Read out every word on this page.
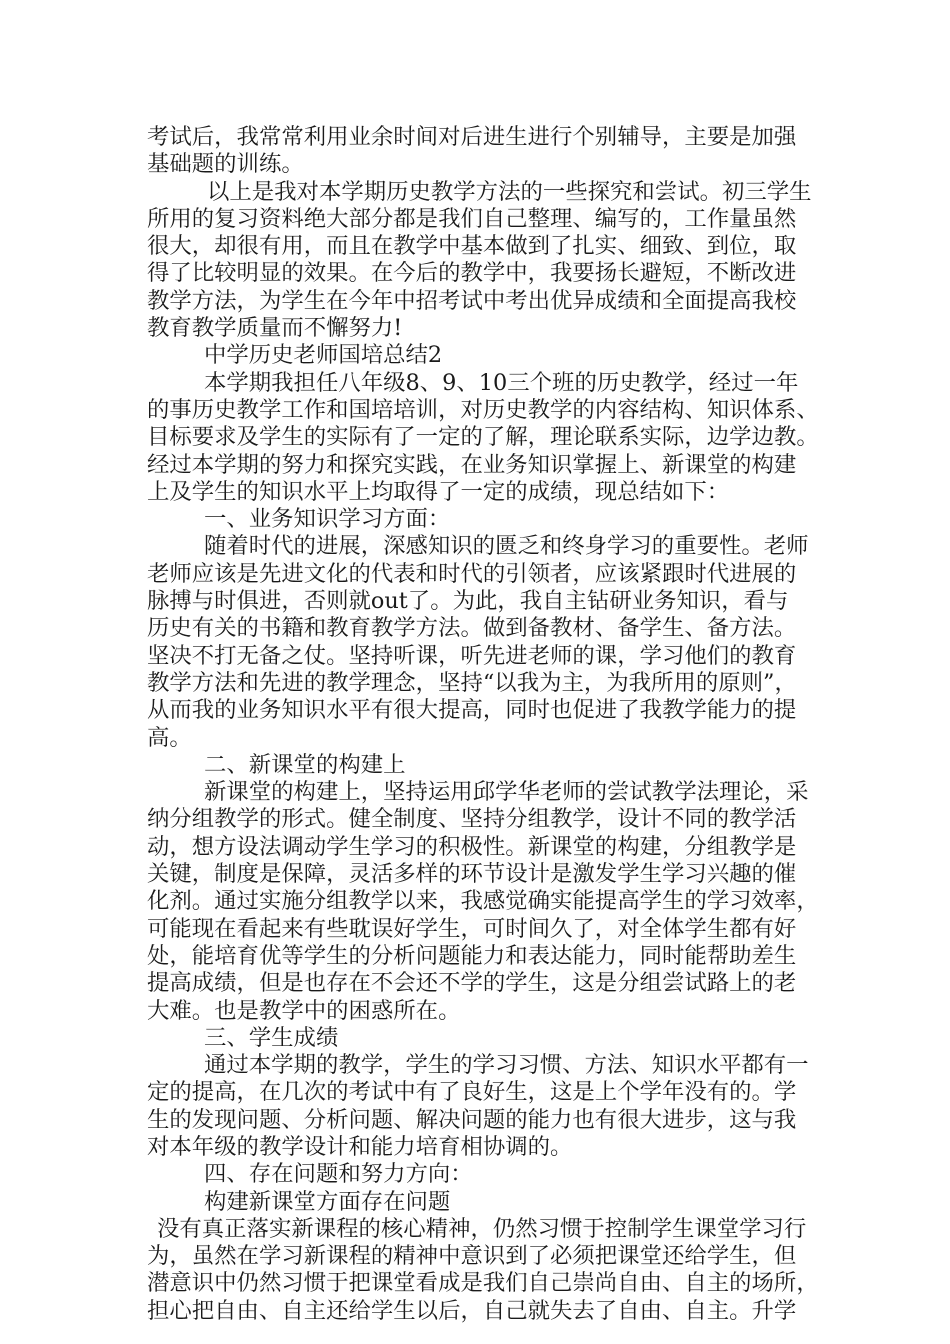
考试后，我常常利用业余时间对后进生进行个别辅导，主要是加强
基础题的训练。

以上是我对本学期历史教学方法的一些探究和尝试。初三学生

所用的复习资料绝大部分都是我们自己整理、编写的，工作量虽然
很大，却很有用，而且在教学中基本做到了扎实、细致、到位，取
得了比较明显的效果。在今后的教学中，我要扬长避短，不断改进
教学方法，为学生在今年中招考试中考出优异成绩和全面提高我校
教育教学质量而不懈努力!

中学历史老师国培总结2

本学期我担任八年级8、9、10三个班的历史教学，经过一年

的事历史教学工作和国培培训，对历史教学的内容结构、知识体系、
目标要求及学生的实际有了一定的了解，理论联系实际，边学边教。
经过本学期的努力和探究实践，在业务知识掌握上、新课堂的构建
上及学生的知识水平上均取得了一定的成绩，现总结如下：

一、业务知识学习方面：

随着时代的进展，深感知识的匮乏和终身学习的重要性。老师

老师应该是先进文化的代表和时代的引领者，应该紧跟时代进展的
脉搏与时俱进，否则就out了。为此，我自主钻研业务知识，看与
历史有关的书籍和教育教学方法。做到备教材、备学生、备方法。
坚决不打无备之仗。坚持听课，听先进老师的课，学习他们的教育
教学方法和先进的教学理念，坚持“以我为主，为我所用的原则”，
从而我的业务知识水平有很大提高，同时也促进了我教学能力的提
高。

二、新课堂的构建上

新课堂的构建上，坚持运用邱学华老师的尝试教学法理论，采

纳分组教学的形式。健全制度、坚持分组教学，设计不同的教学活
动，想方设法调动学生学习的积极性。新课堂的构建，分组教学是
关键，制度是保障，灵活多样的环节设计是激发学生学习兴趣的催
化剂。通过实施分组教学以来，我感觉确实能提高学生的学习效率，
可能现在看起来有些耽误好学生，可时间久了，对全体学生都有好
处，能培育优等学生的分析问题能力和表达能力，同时能帮助差生
提高成绩，但是也存在不会还不学的学生，这是分组尝试路上的老
大难。也是教学中的困惑所在。

三、学生成绩

通过本学期的教学，学生的学习习惯、方法、知识水平都有一

定的提高，在几次的考试中有了良好生，这是上个学年没有的。学
生的发现问题、分析问题、解决问题的能力也有很大进步，这与我
对本年级的教学设计和能力培育相协调的。

四、存在问题和努力方向：

构建新课堂方面存在问题

没有真正落实新课程的核心精神，仍然习惯于控制学生课堂学习行

为，虽然在学习新课程的精神中意识到了必须把课堂还给学生，但
潜意识中仍然习惯于把课堂看成是我们自己崇尚自由、自主的场所，
担心把自由、自主还给学生以后，自己就失去了自由、自主。升学
